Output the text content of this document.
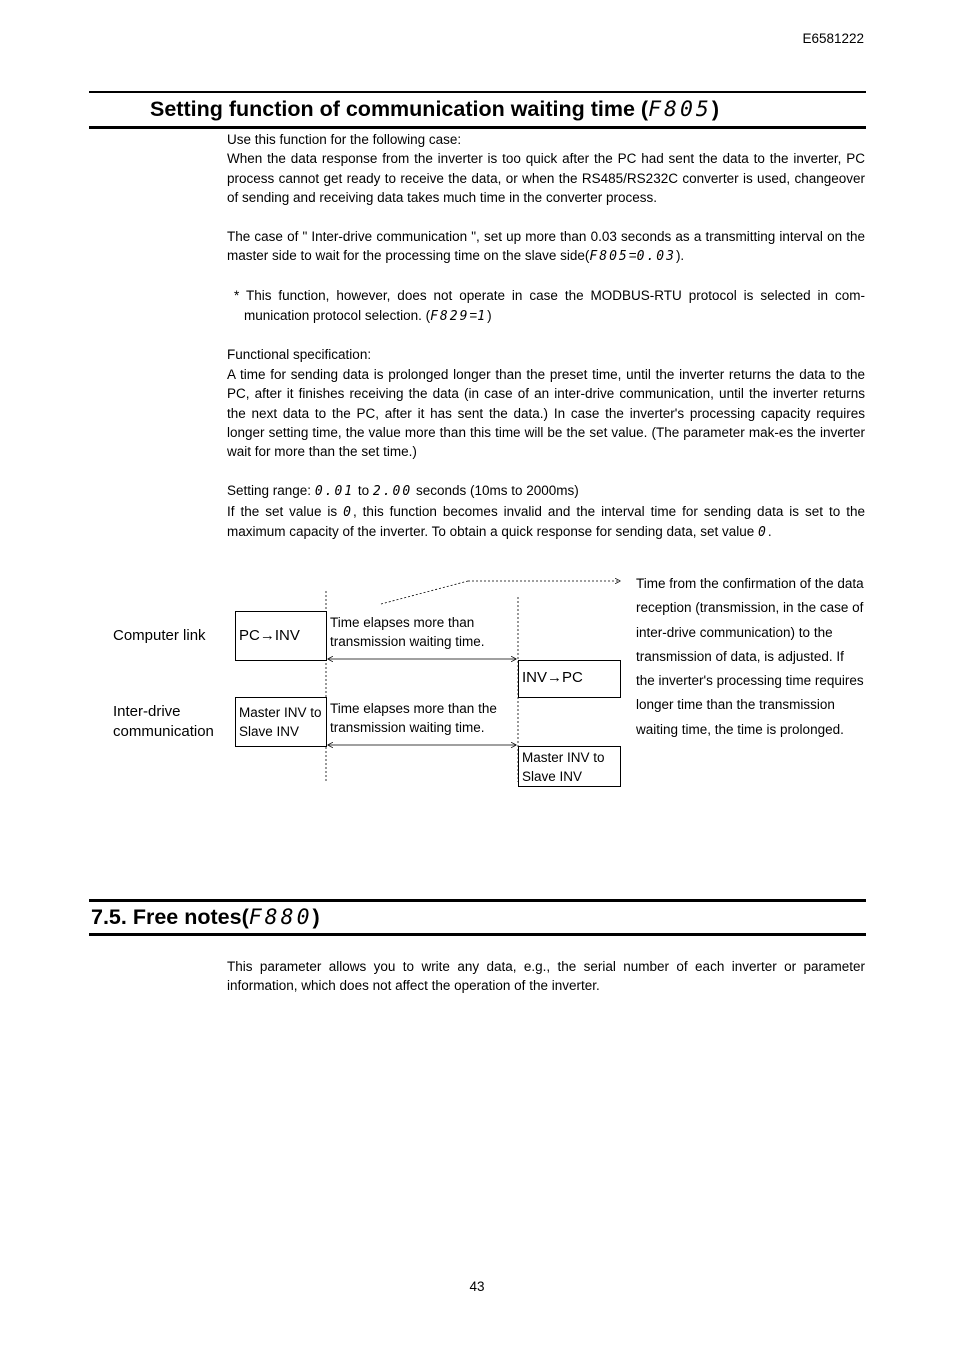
E6581222
Setting function of communication waiting time (F805)

Use this function for the following case:

When the data response from the inverter is too quick after the PC had sent the data to the inverter, PC process cannot get ready to receive the data, or when the RS485/RS232C converter is used, changeover of sending and receiving data takes much time in the converter process.

The case of " Inter-drive communication ", set up more than 0.03 seconds as a transmitting interval on the master side to wait for the processing time on the slave side(F805=0.03).

* This function, however, does not operate in case the MODBUS-RTU protocol is selected in com-munication protocol selection. (F829=1)

Functional specification:

A time for sending data is prolonged longer than the preset time, until the inverter returns the data to the PC, after it finishes receiving the data (in case of an inter-drive communication, until the inverter returns the next data to the PC, after it has sent the data.) In case the inverter's processing capacity requires longer setting time, the value more than this time will be the set value. (The parameter mak-es the inverter wait for more than the set time.)

Setting range: 0.01 to 2.00 seconds (10ms to 2000ms)

If the set value is 0, this function becomes invalid and the interval time for sending data is set to the maximum capacity of the inverter. To obtain a quick response for sending data, set value 0.

Computer link PC→INV
Time elapses more than transmission waiting time.
INV→PC
Inter-drive communication
Master INV to Slave INV
Time elapses more than the transmission waiting time.
Master INV to Slave INV
Time from the confirmation of the data reception (transmission, in the case of inter-drive communication) to the transmission of data, is adjusted. If the inverter's processing time requires longer time than the transmission waiting time, the time is prolonged.
7.5. Free notes(F880)

This parameter allows you to write any data, e.g., the serial number of each inverter or parameter information, which does not affect the operation of the inverter.

43
